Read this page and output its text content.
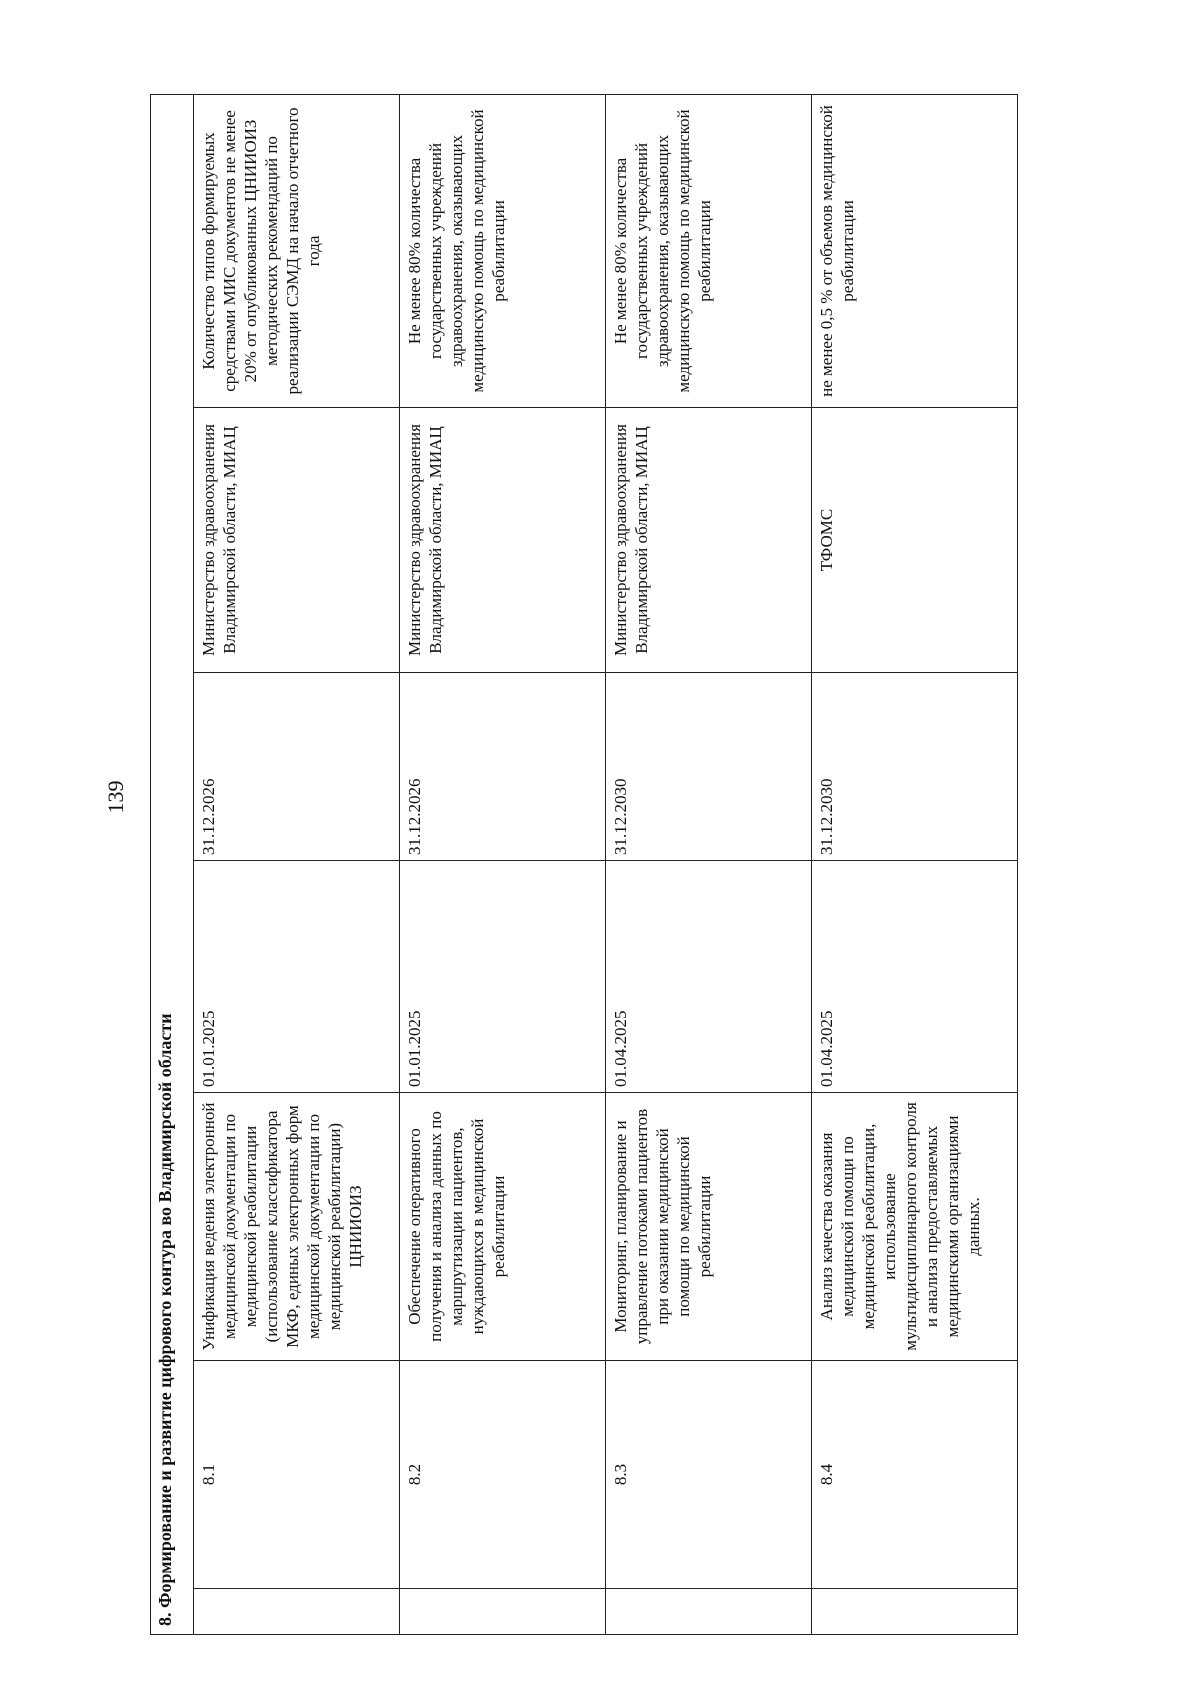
139
8. Формирование и развитие цифрового контура во Владимирской области						
	8.1	Унификация ведения электронной медицинской документации по медицинской реабилитации (использование классификатора МКФ, единых электронных форм медицинской документации по медицинской реабилитации) ЦНИИОИЗ	01.01.2025	31.12.2026	Министерство здравоохранения Владимирской области, МИАЦ	Количество типов формируемых средствами МИС документов не менее 20% от опубликованных ЦНИИОИЗ методических рекомендаций по реализации СЭМД на начало отчетного года
	8.2	Обеспечение оперативного получения и анализа данных по маршрутизации пациентов, нуждающихся в медицинской реабилитации	01.01.2025	31.12.2026	Министерство здравоохранения Владимирской области, МИАЦ	Не менее 80% количества государственных учреждений здравоохранения, оказывающих медицинскую помощь по медицинской реабилитации
	8.3	Мониторинг, планирование и управление потоками пациентов при оказании медицинской помощи по медицинской реабилитации	01.04.2025	31.12.2030	Министерство здравоохранения Владимирской области, МИАЦ	Не менее 80% количества государственных учреждений здравоохранения, оказывающих медицинскую помощь по медицинской реабилитации
	8.4	Анализ качества оказания медицинской помощи по медицинской реабилитации, использование мультидисциплинарного контроля и анализа предоставляемых медицинскими организациями данных.	01.04.2025	31.12.2030	ТФОМС	не менее 0,5 % от объемов медицинской реабилитации
